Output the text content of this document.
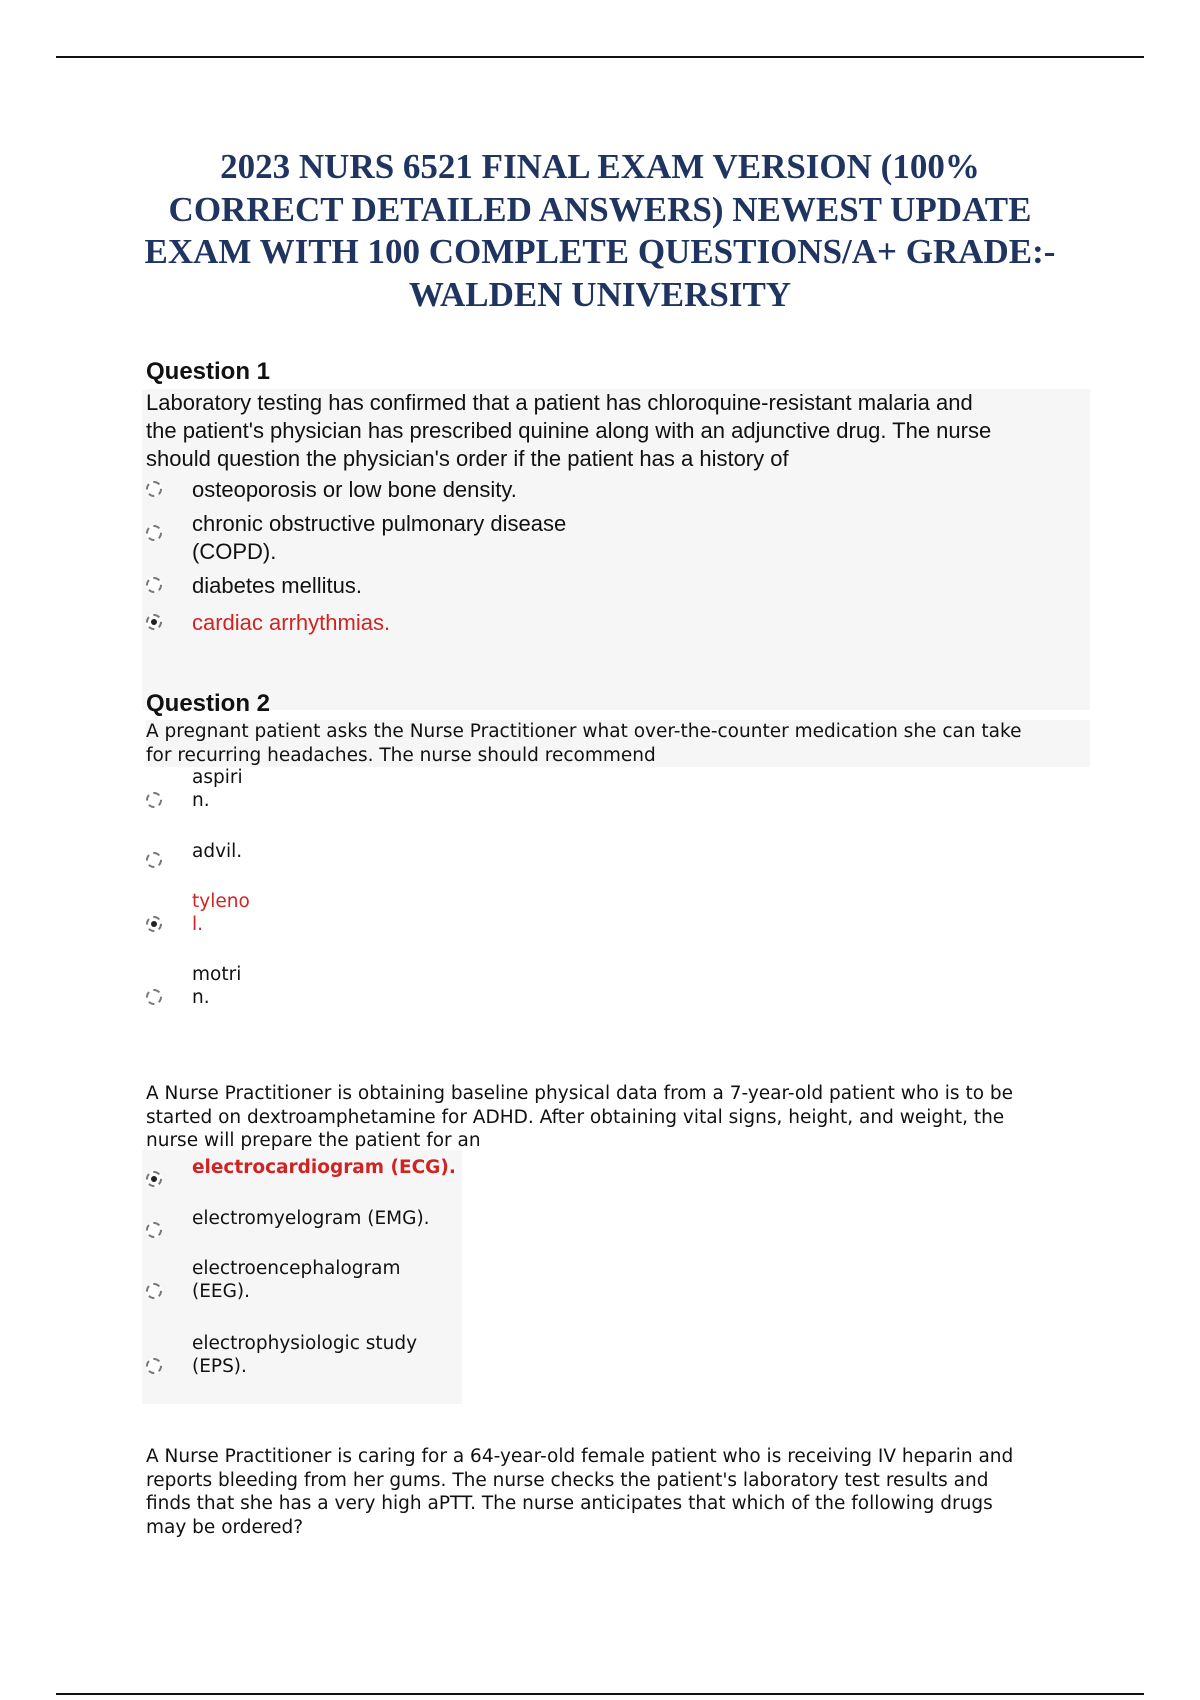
2023 NURS 6521 FINAL EXAM VERSION (100%
CORRECT DETAILED ANSWERS) NEWEST UPDATE
EXAM WITH 100 COMPLETE QUESTIONS/A+ GRADE:-
WALDEN UNIVERSITY
Question 1

Laboratory testing has confirmed that a patient has chloroquine-resistant malaria and
the patient's physician has prescribed quinine along with an adjunctive drug. The nurse
should question the physician's order if the patient has a history of

osteoporosis or low bone density.
chronic obstructive pulmonary disease
(COPD).
diabetes mellitus.
cardiac arrhythmias.
Question 2

A pregnant patient asks the Nurse Practitioner what over-the-counter medication she can take
for recurring headaches. The nurse should recommend

aspiri
n.
advil.
tyleno
l.
motri
n.

A Nurse Practitioner is obtaining baseline physical data from a 7-year-old patient who is to be
started on dextroamphetamine for ADHD. After obtaining vital signs, height, and weight, the
nurse will prepare the patient for an

electrocardiogram (ECG).
electromyelogram (EMG).
electroencephalogram
(EEG).
electrophysiologic study
(EPS).

A Nurse Practitioner is caring for a 64-year-old female patient who is receiving IV heparin and
reports bleeding from her gums. The nurse checks the patient's laboratory test results and
finds that she has a very high aPTT. The nurse anticipates that which of the following drugs
may be ordered?
